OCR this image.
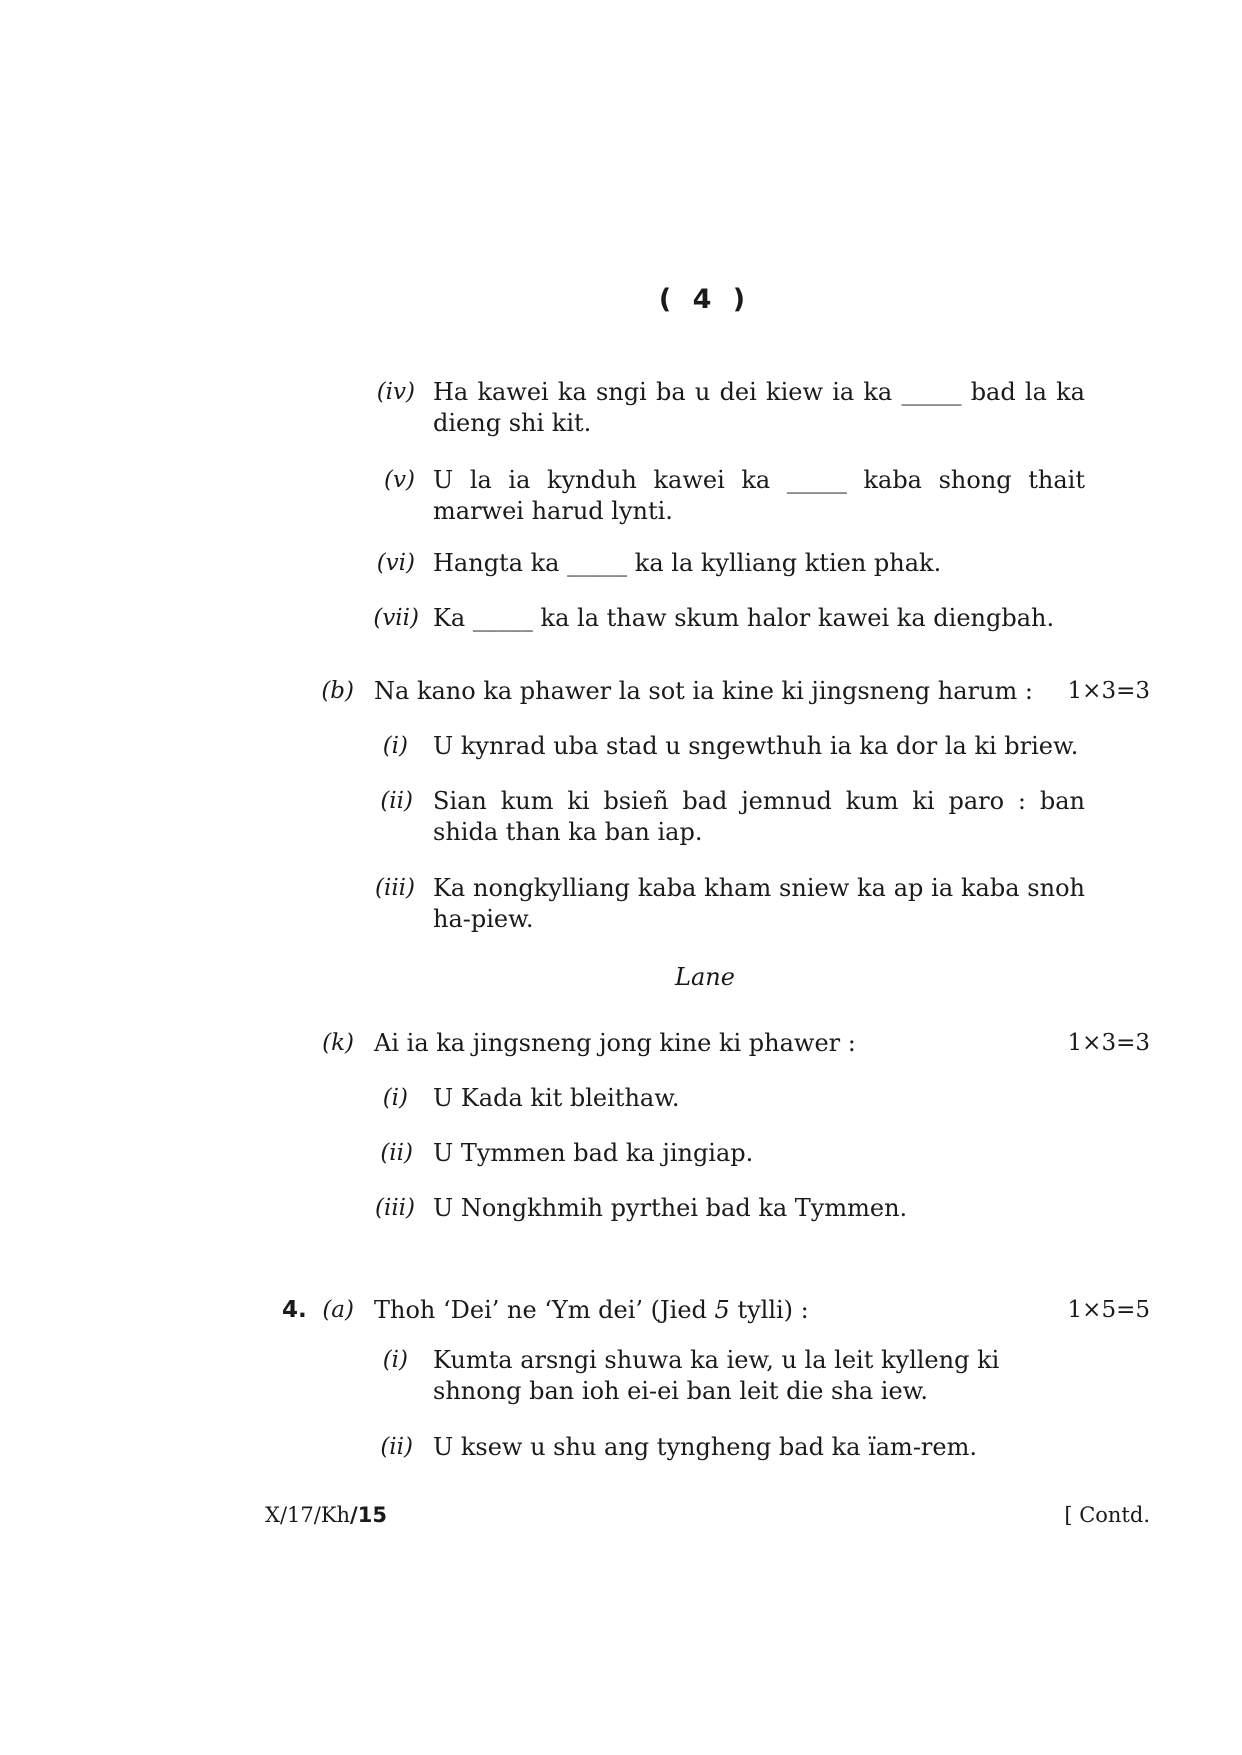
( 4 )
(iv) Ha kawei ka sngi ba u dei kiew ia ka _____ bad la ka dieng shi kit.
(v) U la ia kynduh kawei ka _____ kaba shong thait marwei harud lynti.
(vi) Hangta ka _____ ka la kylliang ktien phak.
(vii) Ka _____ ka la thaw skum halor kawei ka diengbah.
(b) Na kano ka phawer la sot ia kine ki jingsneng harum :	1×3=3
(i) U kynrad uba stad u sngewthuh ia ka dor la ki briew.
(ii) Sian kum ki bsieñ bad jemnud kum ki paro : ban shida than ka ban iap.
(iii) Ka nongkylliang kaba kham sniew ka ap ia kaba snoh ha-piew.
Lane
(k) Ai ia ka jingsneng jong kine ki phawer :	1×3=3
(i) U Kada kit bleithaw.
(ii) U Tymmen bad ka jingiap.
(iii) U Nongkhmih pyrthei bad ka Tymmen.
4. (a) Thoh ‘Dei’ ne ‘Ym dei’ (Jied 5 tylli) :	1×5=5
(i) Kumta arsngi shuwa ka iew, u la leit kylleng ki shnong ban ioh ei-ei ban leit die sha iew.
(ii) U ksew u shu ang tyngheng bad ka ïam-rem.
X/17/Kh/15	[ Contd.
